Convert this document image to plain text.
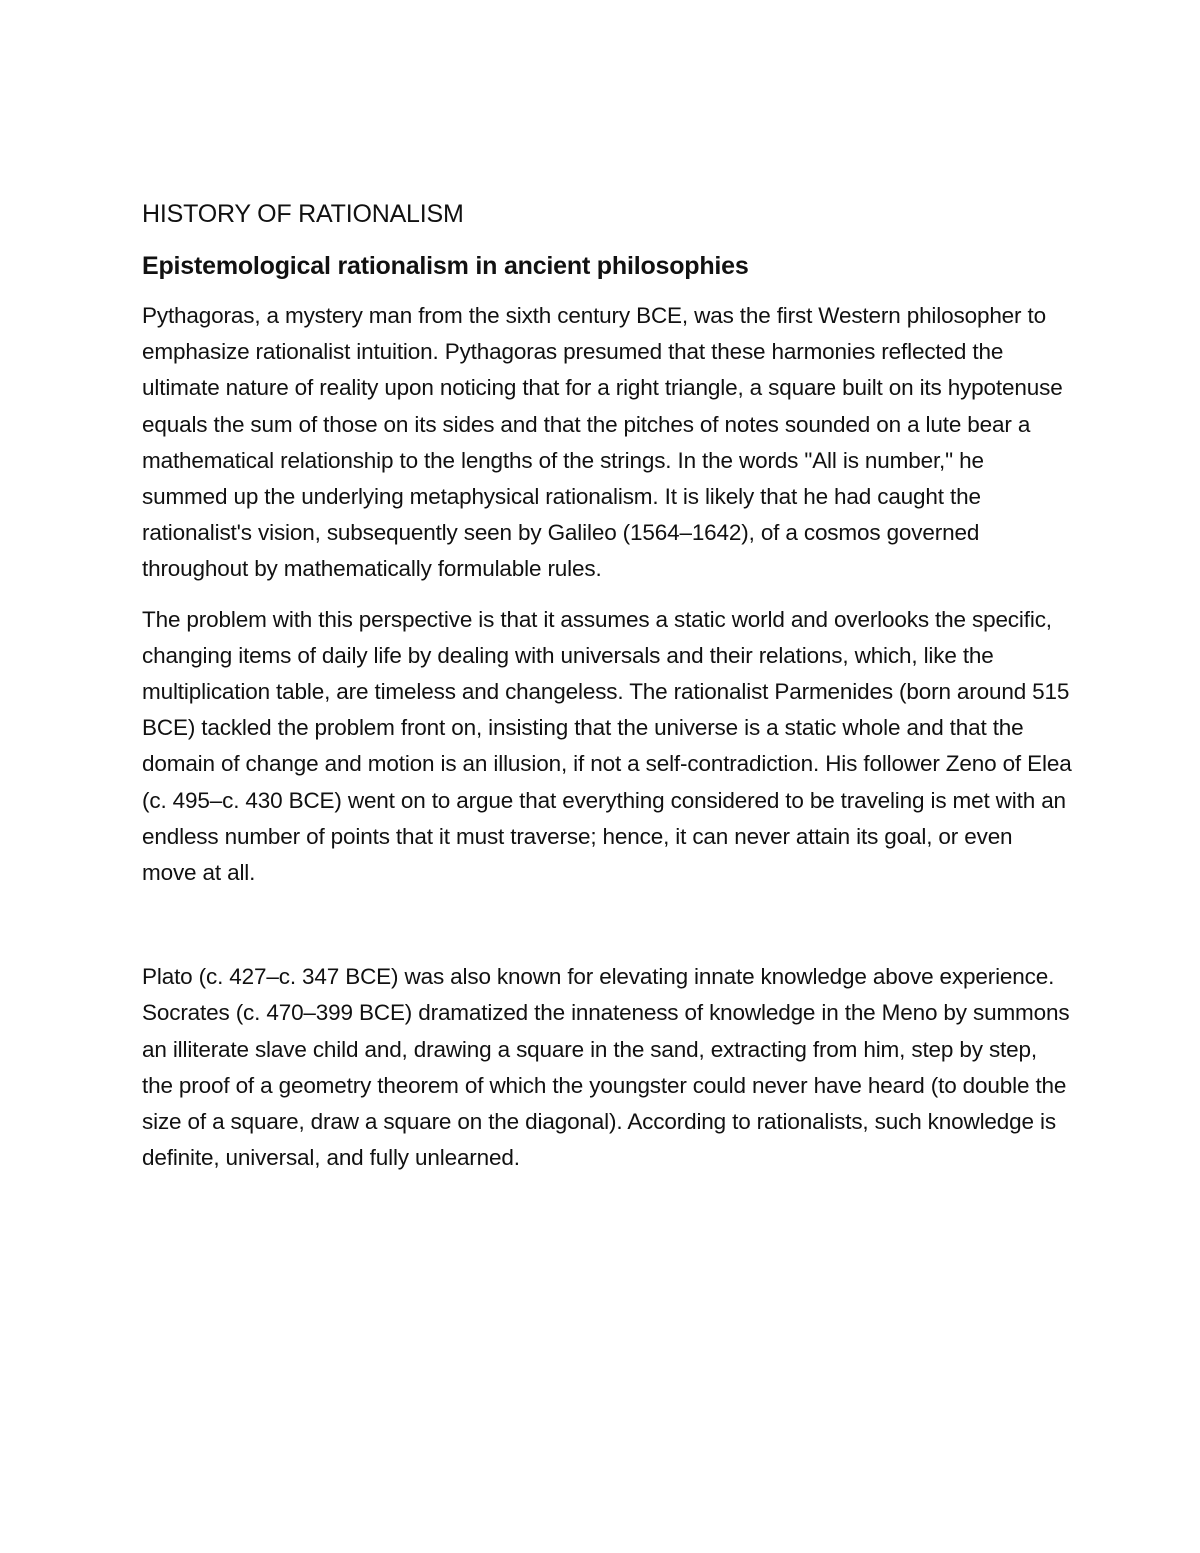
HISTORY OF RATIONALISM
Epistemological rationalism in ancient philosophies

Pythagoras, a mystery man from the sixth century BCE, was the first Western philosopher to emphasize rationalist intuition. Pythagoras presumed that these harmonies reflected the ultimate nature of reality upon noticing that for a right triangle, a square built on its hypotenuse equals the sum of those on its sides and that the pitches of notes sounded on a lute bear a mathematical relationship to the lengths of the strings. In the words "All is number," he summed up the underlying metaphysical rationalism. It is likely that he had caught the rationalist's vision, subsequently seen by Galileo (1564–1642), of a cosmos governed throughout by mathematically formulable rules.

The problem with this perspective is that it assumes a static world and overlooks the specific, changing items of daily life by dealing with universals and their relations, which, like the multiplication table, are timeless and changeless. The rationalist Parmenides (born around 515 BCE) tackled the problem front on, insisting that the universe is a static whole and that the domain of change and motion is an illusion, if not a self-contradiction. His follower Zeno of Elea (c. 495–c. 430 BCE) went on to argue that everything considered to be traveling is met with an endless number of points that it must traverse; hence, it can never attain its goal, or even move at all.

Plato (c. 427–c. 347 BCE) was also known for elevating innate knowledge above experience. Socrates (c. 470–399 BCE) dramatized the innateness of knowledge in the Meno by summons an illiterate slave child and, drawing a square in the sand, extracting from him, step by step, the proof of a geometry theorem of which the youngster could never have heard (to double the size of a square, draw a square on the diagonal). According to rationalists, such knowledge is definite, universal, and fully unlearned.
